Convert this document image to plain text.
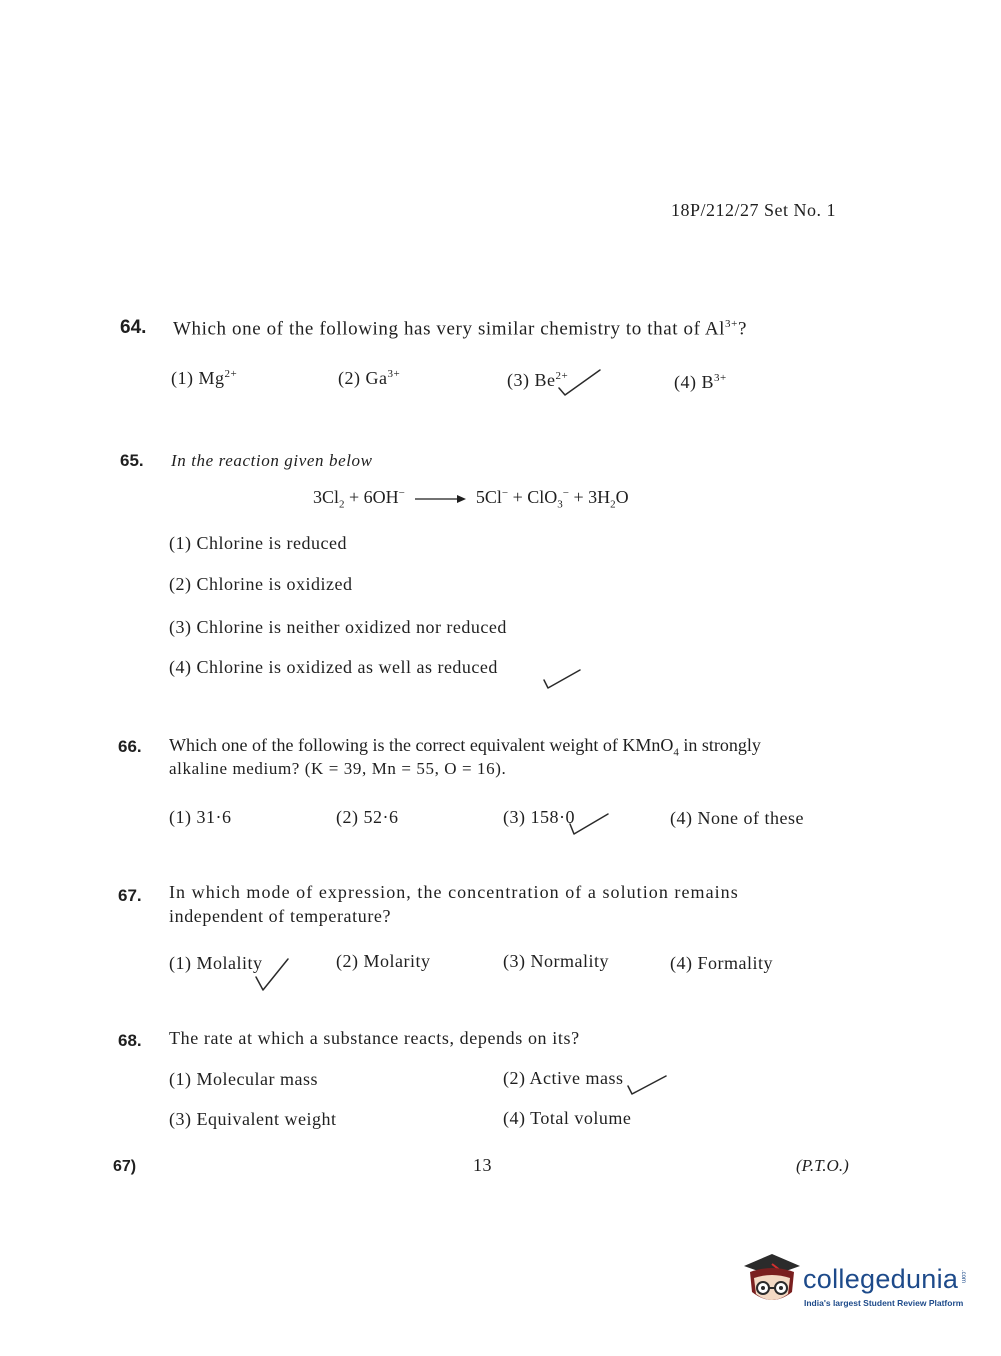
18P/212/27 Set No. 1
64. Which one of the following has very similar chemistry to that of $Al^{3+}$?
(1) $Mg^{2+}$	(2) $Ga^{3+}$	(3) $Be^{2+}$	(4) $B^{3+}$
65. In the reaction given below
$3Cl_2 + 6OH^- \to 5Cl^- + ClO_3^- + 3H_2O$
(1) Chlorine is reduced
(2) Chlorine is oxidized
(3) Chlorine is neither oxidized nor reduced
(4) Chlorine is oxidized as well as reduced
66. Which one of the following is the correct equivalent weight of KMnO$_4$ in strongly
alkaline medium? (K = 39, Mn = 55, O = 16).
(1) 31·6	(2) 52·6	(3) 158·0	(4) None of these
67. In which mode of expression, the concentration of a solution remains
independent of temperature?
(1) Molality	(2) Molarity	(3) Normality	(4) Formality
68. The rate at which a substance reacts, depends on its?
(1) Molecular mass	(2) Active mass
(3) Equivalent weight	(4) Total volume
67)	13	(P.T.O.)
collegedunia .com
India's largest Student Review Platform
